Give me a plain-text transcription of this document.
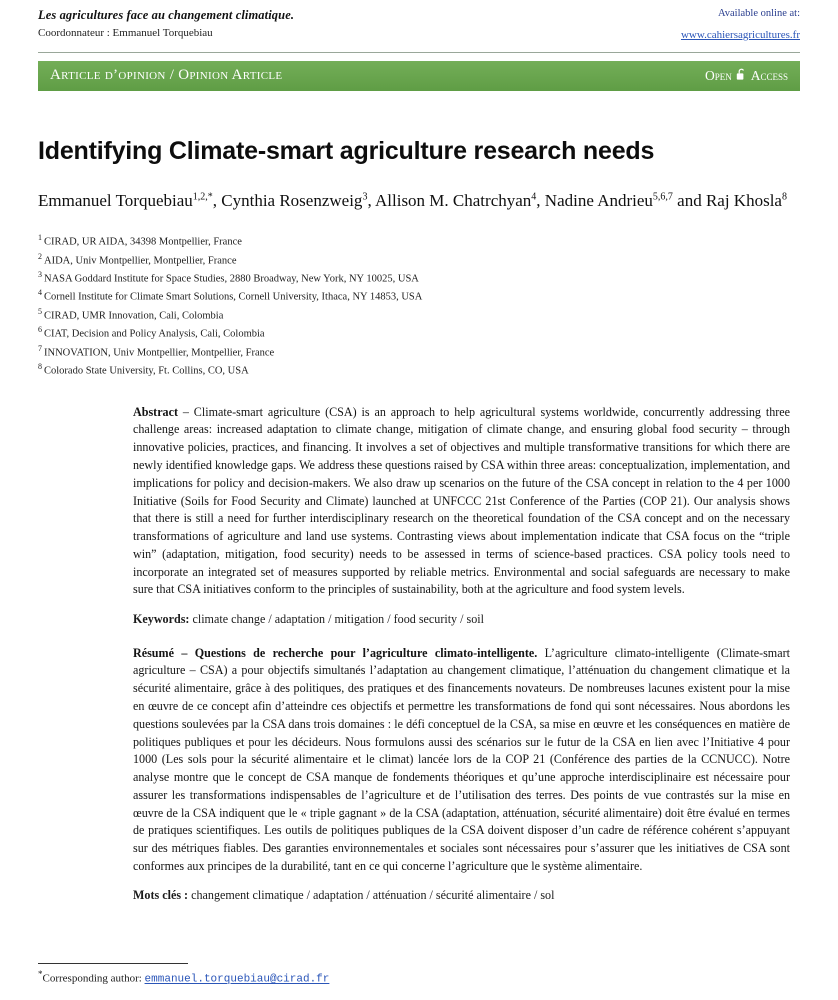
Les agricultures face au changement climatique.
Coordonnateur : Emmanuel Torquebiau
Available online at:
www.cahiersagricultures.fr
Article d’opinion / Opinion Article	Open Access
Identifying Climate-smart agriculture research needs
Emmanuel Torquebiau$^{1,2,*}$, Cynthia Rosenzweig$^3$, Allison M. Chatrchyan$^4$, Nadine Andrieu$^{5,6,7}$ and Raj Khosla$^8$
$^1$ CIRAD, UR AIDA, 34398 Montpellier, France
$^2$ AIDA, Univ Montpellier, Montpellier, France
$^3$ NASA Goddard Institute for Space Studies, 2880 Broadway, New York, NY 10025, USA
$^4$ Cornell Institute for Climate Smart Solutions, Cornell University, Ithaca, NY 14853, USA
$^5$ CIRAD, UMR Innovation, Cali, Colombia
$^6$ CIAT, Decision and Policy Analysis, Cali, Colombia
$^7$ INNOVATION, Univ Montpellier, Montpellier, France
$^8$ Colorado State University, Ft. Collins, CO, USA
Abstract – Climate-smart agriculture (CSA) is an approach to help agricultural systems worldwide, concurrently addressing three challenge areas: increased adaptation to climate change, mitigation of climate change, and ensuring global food security – through innovative policies, practices, and financing. It involves a set of objectives and multiple transformative transitions for which there are newly identified knowledge gaps. We address these questions raised by CSA within three areas: conceptualization, implementation, and implications for policy and decision-makers. We also draw up scenarios on the future of the CSA concept in relation to the 4 per 1000 Initiative (Soils for Food Security and Climate) launched at UNFCCC 21st Conference of the Parties (COP 21). Our analysis shows that there is still a need for further interdisciplinary research on the theoretical foundation of the CSA concept and on the necessary transformations of agriculture and land use systems. Contrasting views about implementation indicate that CSA focus on the “triple win” (adaptation, mitigation, food security) needs to be assessed in terms of science-based practices. CSA policy tools need to incorporate an integrated set of measures supported by reliable metrics. Environmental and social safeguards are necessary to make sure that CSA initiatives conform to the principles of sustainability, both at the agriculture and food system levels.
Keywords: climate change / adaptation / mitigation / food security / soil
Résumé – Questions de recherche pour l’agriculture climato-intelligente. L’agriculture climato-intelligente (Climate-smart agriculture – CSA) a pour objectifs simultanés l’adaptation au changement climatique, l’atténuation du changement climatique et la sécurité alimentaire, grâce à des politiques, des pratiques et des financements novateurs. De nombreuses lacunes existent pour la mise en œuvre de ce concept afin d’atteindre ces objectifs et permettre les transformations de fond qui sont nécessaires. Nous abordons les questions soulevées par la CSA dans trois domaines : le défi conceptuel de la CSA, sa mise en œuvre et les conséquences en matière de politiques publiques et pour les décideurs. Nous formulons aussi des scénarios sur le futur de la CSA en lien avec l’Initiative 4 pour 1000 (Les sols pour la sécurité alimentaire et le climat) lancée lors de la COP 21 (Conférence des parties de la CCNUCC). Notre analyse montre que le concept de CSA manque de fondements théoriques et qu’une approche interdisciplinaire est nécessaire pour assurer les transformations indispensables de l’agriculture et de l’utilisation des terres. Des points de vue contrastés sur la mise en œuvre de la CSA indiquent que le « triple gagnant » de la CSA (adaptation, atténuation, sécurité alimentaire) doit être évalué en termes de pratiques scientifiques. Les outils de politiques publiques de la CSA doivent disposer d’un cadre de référence cohérent s’appuyant sur des métriques fiables. Des garanties environnementales et sociales sont nécessaires pour s’assurer que les initiatives de CSA sont conformes aux principes de la durabilité, tant en ce qui concerne l’agriculture que le système alimentaire.
Mots clés : changement climatique / adaptation / atténuation / sécurité alimentaire / sol
*Corresponding author: emmanuel.torquebiau@cirad.fr
